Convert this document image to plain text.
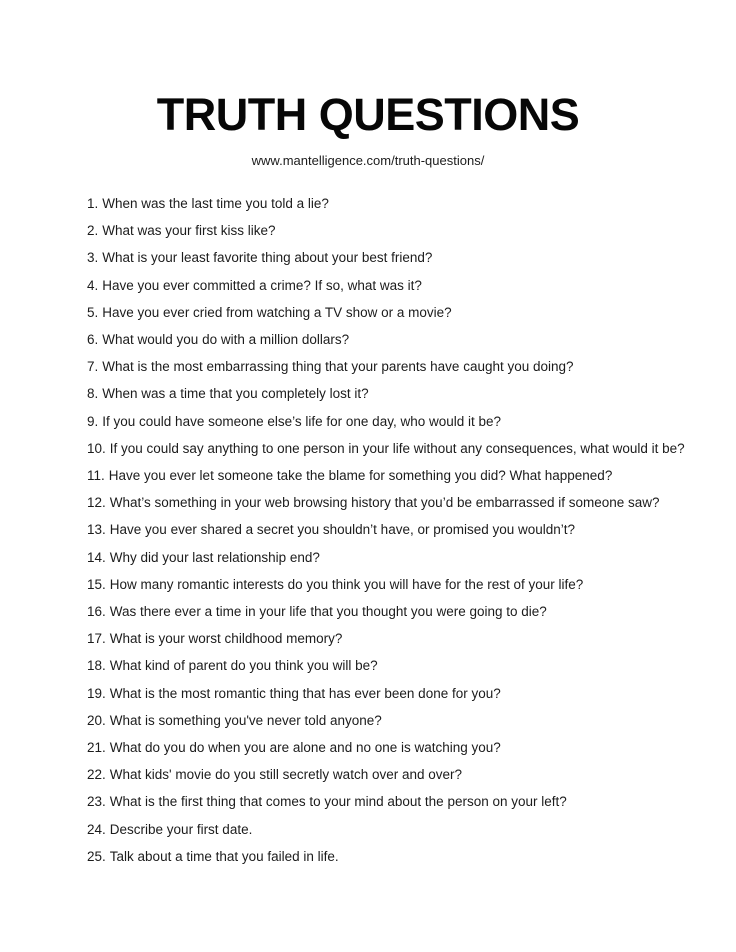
TRUTH QUESTIONS
www.mantelligence.com/truth-questions/
1. When was the last time you told a lie?
2. What was your first kiss like?
3. What is your least favorite thing about your best friend?
4. Have you ever committed a crime? If so, what was it?
5. Have you ever cried from watching a TV show or a movie?
6. What would you do with a million dollars?
7. What is the most embarrassing thing that your parents have caught you doing?
8. When was a time that you completely lost it?
9. If you could have someone else’s life for one day, who would it be?
10. If you could say anything to one person in your life without any consequences, what would it be?
11. Have you ever let someone take the blame for something you did? What happened?
12. What’s something in your web browsing history that you’d be embarrassed if someone saw?
13. Have you ever shared a secret you shouldn’t have, or promised you wouldn’t?
14. Why did your last relationship end?
15. How many romantic interests do you think you will have for the rest of your life?
16. Was there ever a time in your life that you thought you were going to die?
17. What is your worst childhood memory?
18. What kind of parent do you think you will be?
19. What is the most romantic thing that has ever been done for you?
20. What is something you've never told anyone?
21. What do you do when you are alone and no one is watching you?
22. What kids' movie do you still secretly watch over and over?
23. What is the first thing that comes to your mind about the person on your left?
24. Describe your first date.
25. Talk about a time that you failed in life.
